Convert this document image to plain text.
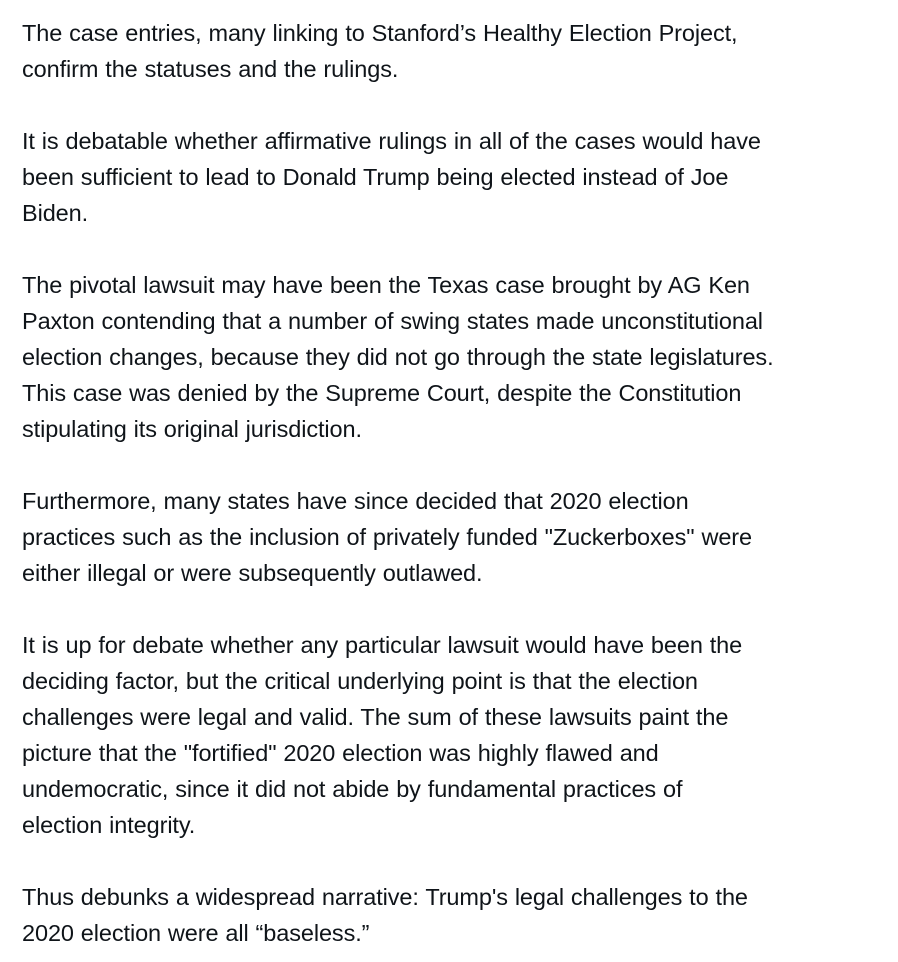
The case entries, many linking to Stanford’s Healthy Election Project,
confirm the statuses and the rulings.

It is debatable whether affirmative rulings in all of the cases would have
been sufficient to lead to Donald Trump being elected instead of Joe
Biden.

The pivotal lawsuit may have been the Texas case brought by AG Ken
Paxton contending that a number of swing states made unconstitutional
election changes, because they did not go through the state legislatures.
This case was denied by the Supreme Court, despite the Constitution
stipulating its original jurisdiction.

Furthermore, many states have since decided that 2020 election
practices such as the inclusion of privately funded "Zuckerboxes" were
either illegal or were subsequently outlawed.

It is up for debate whether any particular lawsuit would have been the
deciding factor, but the critical underlying point is that the election
challenges were legal and valid. The sum of these lawsuits paint the
picture that the "fortified" 2020 election was highly flawed and
undemocratic, since it did not abide by fundamental practices of
election integrity.

Thus debunks a widespread narrative: Trump's legal challenges to the
2020 election were all “baseless.”
